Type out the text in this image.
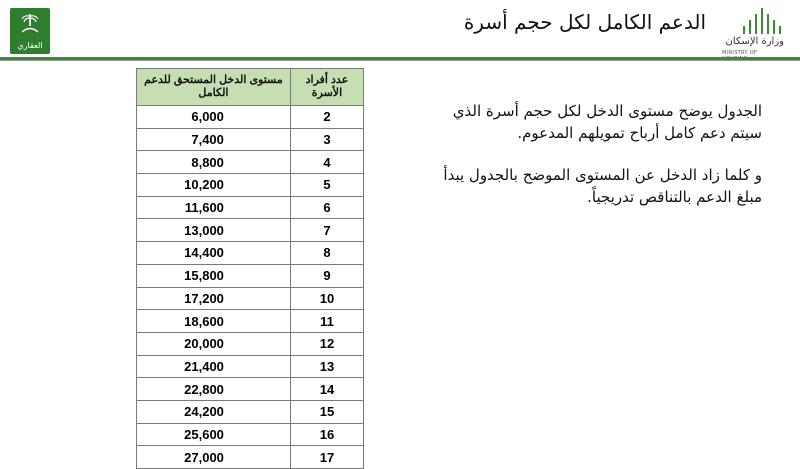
العقاري
الدعم الكامل لكل حجم أسرة
وزارة الإسكان
MINISTRY OF
مستوى الدخل المستحق للدعم الكامل	عدد أفراد الأسرة
6,000	2
7,400	3
8,800	4
10,200	5
11,600	6
13,000	7
14,400	8
15,800	9
17,200	10
18,600	11
20,000	12
21,400	13
22,800	14
24,200	15
25,600	16
27,000	17

الجدول يوضح مستوى الدخل لكل حجم أسرة الذي سيتم دعم كامل أرباح تمويلهم المدعوم.

و كلما زاد الدخل عن المستوى الموضح بالجدول يبدأ مبلغ الدعم بالتناقص تدريجياً.
